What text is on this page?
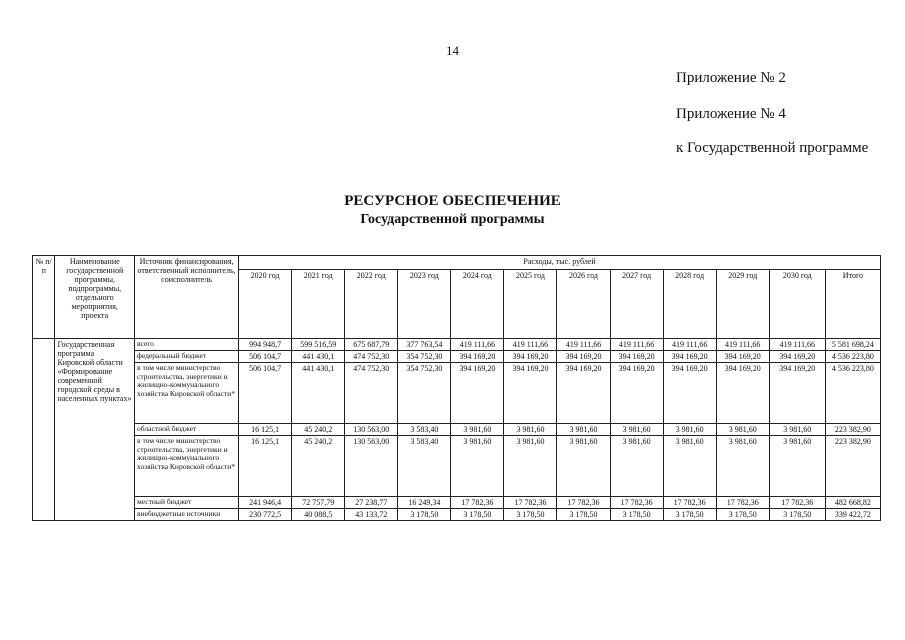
14
Приложение № 2
Приложение № 4
к Государственной программе
РЕСУРСНОЕ ОБЕСПЕЧЕНИЕ
Государственной программы
№ п/п	Наименование государственной программы, подпрограммы, отдельного мероприятия, проекта	Источник финансирования, ответственный исполнитель, соисполнитель	Расходы, тыс. рублей											
			2020 год	2021 год	2022 год	2023 год	2024 год	2025 год	2026 год	2027 год	2028 год	2029 год	2030 год	Итого
	Государственная программа Кировской области «Формирование современной городской среды в населенных пунктах»	всего	994 948,7	599 516,59	675 687,79	377 763,54	419 111,66	419 111,66	419 111,66	419 111,66	419 111,66	419 111,66	419 111,66	5 581 698,24
		федеральный бюджет	506 104,7	441 430,1	474 752,30	354 752,30	394 169,20	394 169,20	394 169,20	394 169,20	394 169,20	394 169,20	394 169,20	4 536 223,80
		в том числе министерство строительства, энергетики и жилищно-коммунального хозяйства Кировской области*	506 104,7	441 430,1	474 752,30	354 752,30	394 169,20	394 169,20	394 169,20	394 169,20	394 169,20	394 169,20	394 169,20	4 536 223,80
		областной бюджет	16 125,1	45 240,2	130 563,00	3 583,40	3 981,60	3 981,60	3 981,60	3 981,60	3 981,60	3 981,60	3 981,60	223 382,90
		в том числе министерство строительства, энергетики и жилищно-коммунального хозяйства Кировской области*	16 125,1	45 240,2	130 563,00	3 583,40	3 981,60	3 981,60	3 981,60	3 981,60	3 981,60	3 981,60	3 981,60	223 382,90
		местный бюджет	241 946,4	72 757,79	27 238,77	16 249,34	17 782,36	17 782,36	17 782,36	17 782,36	17 782,36	17 782,36	17 782,36	482 668,82
		внебюджетные источники	230 772,5	40 088,5	43 133,72	3 178,50	3 178,50	3 178,50	3 178,50	3 178,50	3 178,50	3 178,50	3 178,50	339 422,72
